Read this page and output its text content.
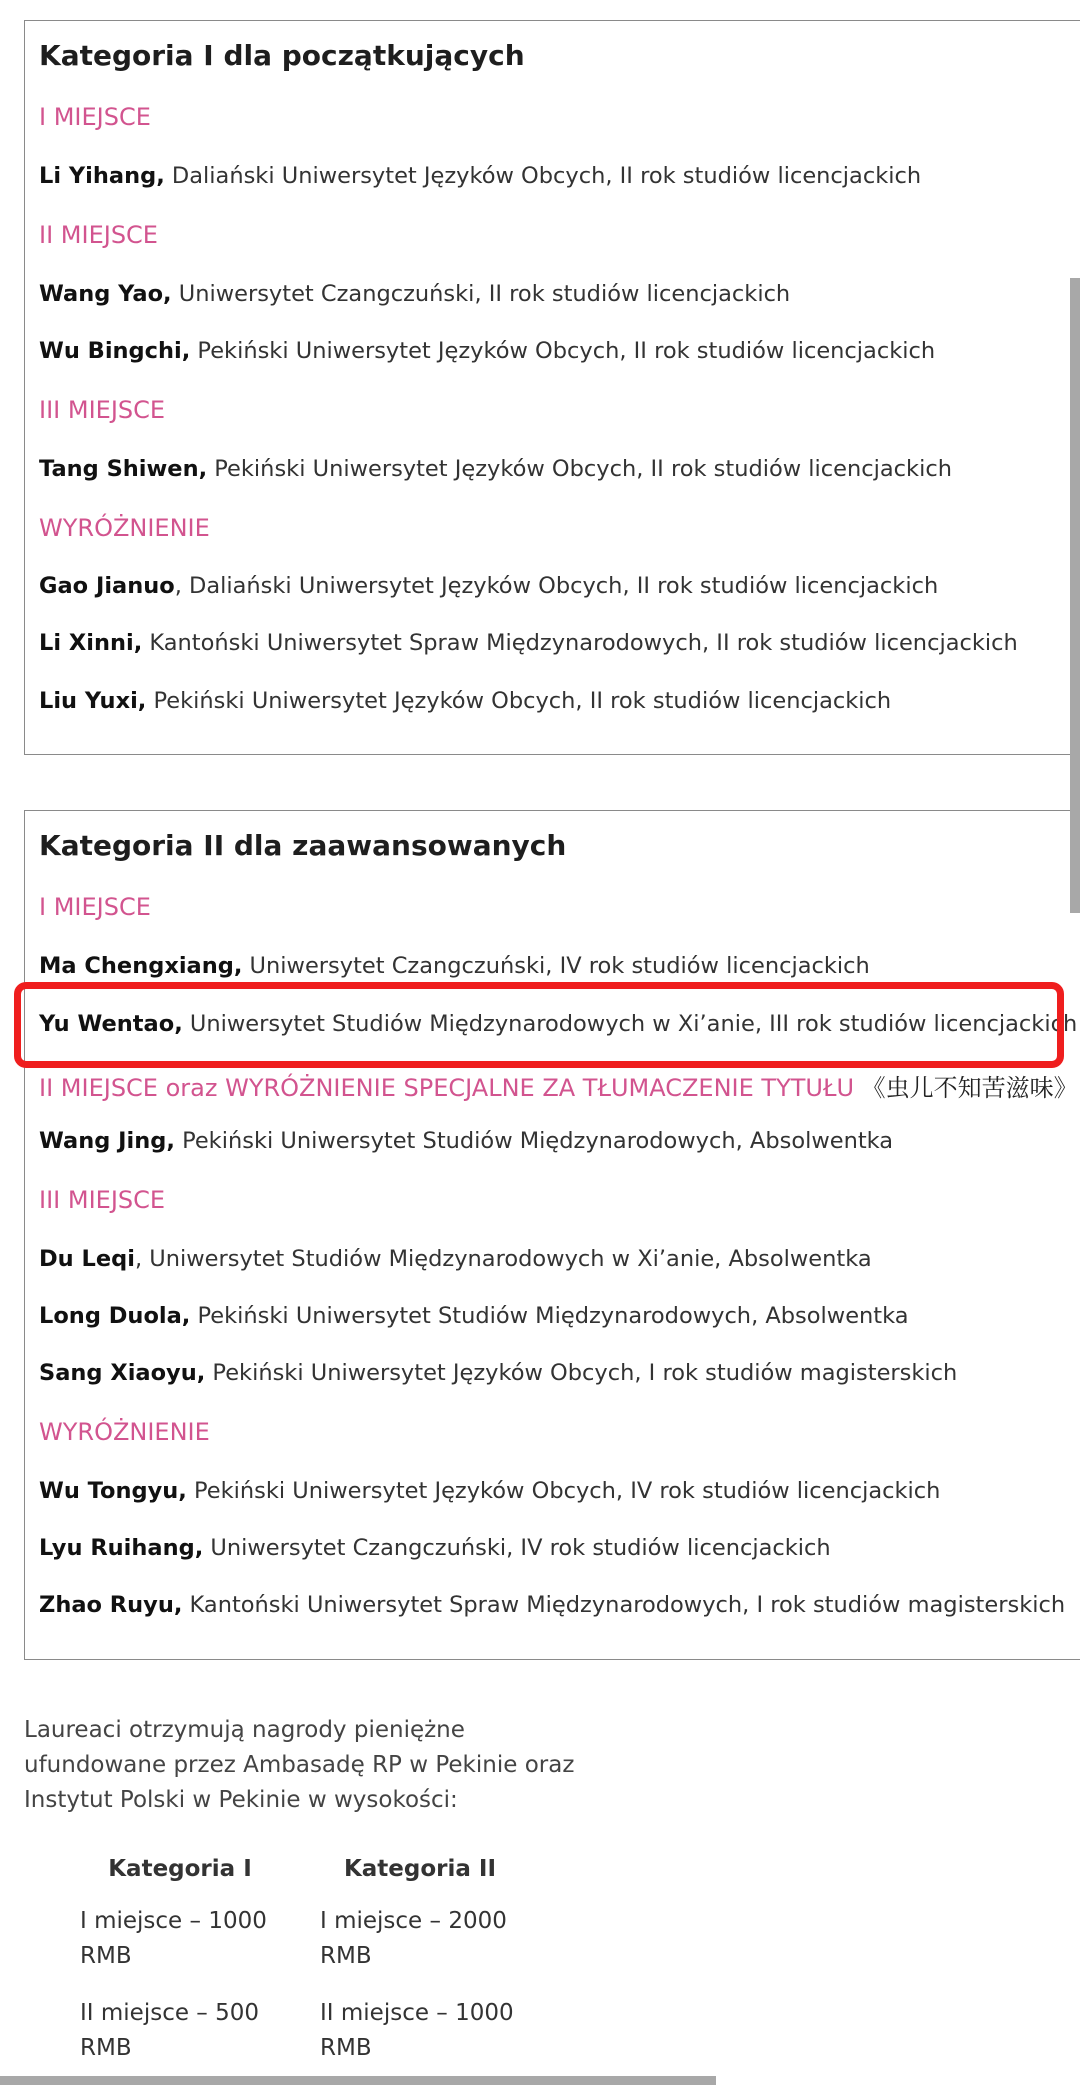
Kategoria I dla początkujących
I MIEJSCE
Li Yihang, Daliański Uniwersytet Języków Obcych, II rok studiów licencjackich
II MIEJSCE
Wang Yao, Uniwersytet Czangczuński, II rok studiów licencjackich
Wu Bingchi, Pekiński Uniwersytet Języków Obcych, II rok studiów licencjackich
III MIEJSCE
Tang Shiwen, Pekiński Uniwersytet Języków Obcych, II rok studiów licencjackich
WYRÓŻNIENIE
Gao Jianuo, Daliański Uniwersytet Języków Obcych, II rok studiów licencjackich
Li Xinni, Kantoński Uniwersytet Spraw Międzynarodowych, II rok studiów licencjackich
Liu Yuxi, Pekiński Uniwersytet Języków Obcych, II rok studiów licencjackich
Kategoria II dla zaawansowanych
I MIEJSCE
Ma Chengxiang, Uniwersytet Czangczuński, IV rok studiów licencjackich
Yu Wentao, Uniwersytet Studiów Międzynarodowych w Xi’anie, III rok studiów licencjackich
II MIEJSCE oraz WYRÓŻNIENIE SPECJALNE ZA TŁUMACZENIE TYTUŁU 《虫儿不知苦滋味》
Wang Jing, Pekiński Uniwersytet Studiów Międzynarodowych, Absolwentka
III MIEJSCE
Du Leqi, Uniwersytet Studiów Międzynarodowych w Xi’anie, Absolwentka
Long Duola, Pekiński Uniwersytet Studiów Międzynarodowych, Absolwentka
Sang Xiaoyu, Pekiński Uniwersytet Języków Obcych, I rok studiów magisterskich
WYRÓŻNIENIE
Wu Tongyu, Pekiński Uniwersytet Języków Obcych, IV rok studiów licencjackich
Lyu Ruihang, Uniwersytet Czangczuński, IV rok studiów licencjackich
Zhao Ruyu, Kantoński Uniwersytet Spraw Międzynarodowych, I rok studiów magisterskich
Laureaci otrzymują nagrody pieniężne
ufundowane przez Ambasadę RP w Pekinie oraz
Instytut Polski w Pekinie w wysokości:
Kategoria I
I miejsce – 1000
RMB
II miejsce – 500
RMB
Kategoria II
I miejsce – 2000
RMB
II miejsce – 1000
RMB
